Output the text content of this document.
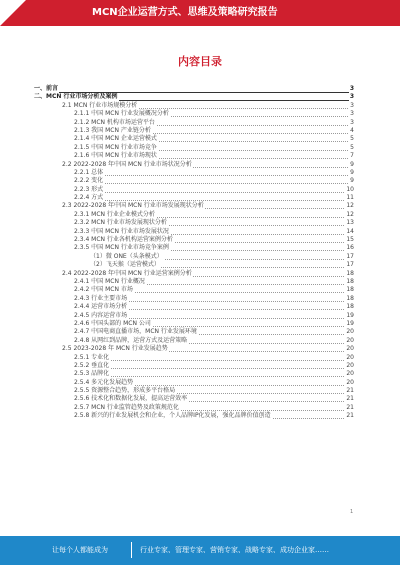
MCN企业运营方式、思维及策略研究报告
内容目录
一、前言	3
二、MCN 行业市场分析及案例	3
2.1 MCN 行业市场规模分析	3
2.1.1 中国 MCN 行业发展概况分析	3
2.1.2 MCN 机构市场运营平台	3
2.1.3 我国 MCN 产业链分析	4
2.1.4 中国 MCN 企业运营模式	5
2.1.5 中国 MCN 行业市场竞争	5
2.1.6 中国 MCN 行业市场现状	7
2.2 2022-2028 年中国 MCN 行业市场状况分析	9
2.2.1 总体	9
2.2.2 变化	9
2.2.3 形式	10
2.2.4 方式	11
2.3 2022-2028 年中国 MCN 行业市场发展现状分析	12
2.3.1 MCN 行业企业模式分析	12
2.3.2 MCN 行业市场发展现状分析	13
2.3.3 中国 MCN 行业市场发展状况	14
2.3.4 MCN 行业各机构运营案例分析	15
2.3.5 中国 MCN 行业市场竞争案例	16
（1）微 ONE（头条模式）	17
（2）飞天猴（运营模式）	17
2.4 2022-2028 年中国 MCN 行业运营案例分析	18
2.4.1 中国 MCN 行业概况	18
2.4.2 中国 MCN 市场	18
2.4.3 行业主要市场	18
2.4.4 运营市场分析	18
2.4.5 内容运营市场	19
2.4.6 中国头部的 MCN 公司	19
2.4.7 中国电商直播市场，MCN 行业发展环境	20
2.4.8 从网红到品牌，运营方式及运营策略	20
2.5 2023-2028 年 MCN 行业发展趋势	20
2.5.1 专业化	20
2.5.2 垂直化	20
2.5.3 品牌化	20
2.5.4 多元化发展趋势	20
2.5.5 资源整合趋势，形成多平台格局	21
2.5.6 技术化和数据化发展，提高运营效率	21
2.5.7 MCN 行业监管趋势及政策规范化	21
2.5.8 新兴的行业发展机会和企业，个人品牌IP化发展，强化品牌价值创造	21
1
让每个人都能成为	行业专家、管理专家、营销专家、战略专家、成功企业家……
